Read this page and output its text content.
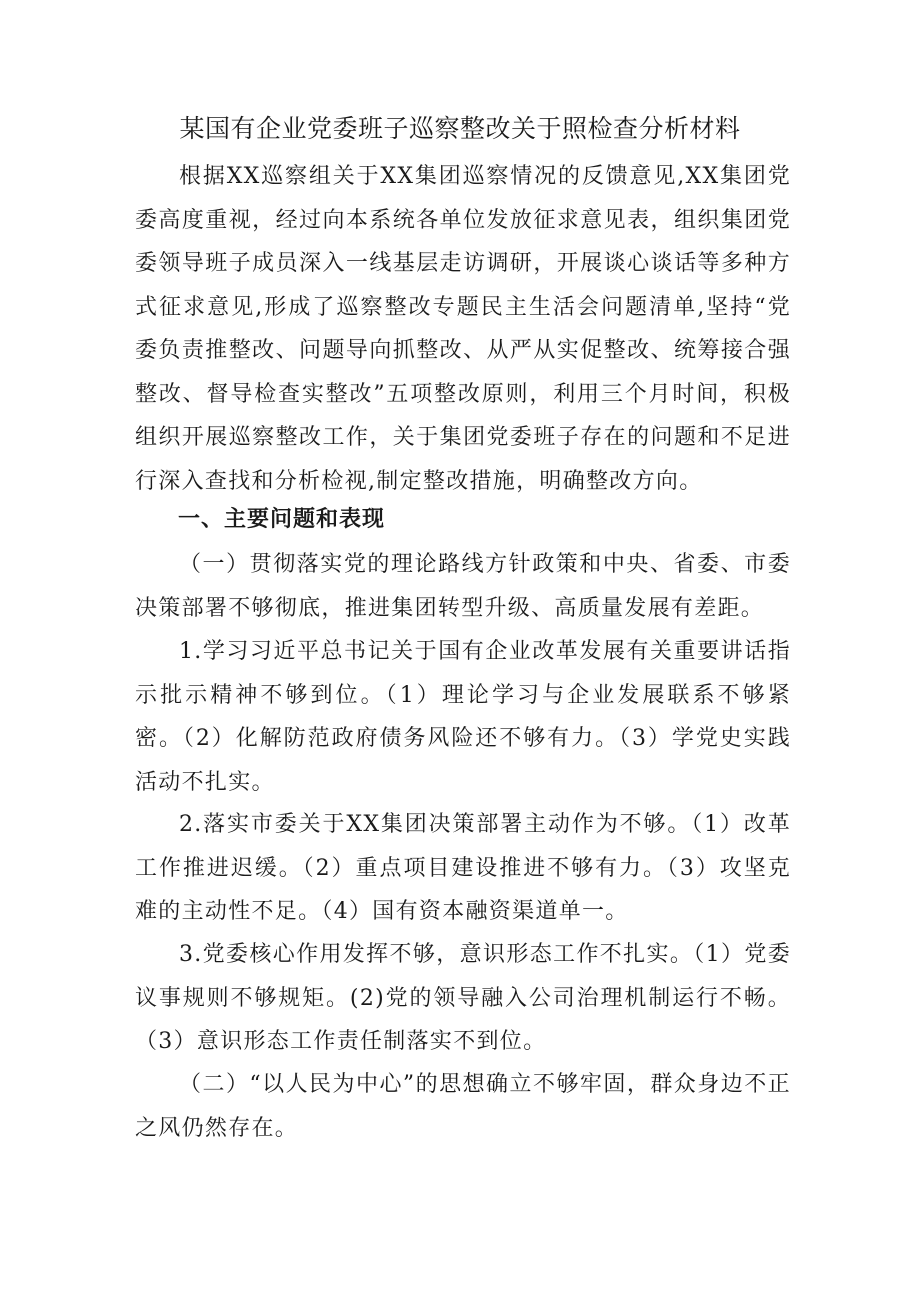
某国有企业党委班子巡察整改关于照检查分析材料

根据XX巡察组关于XX集团巡察情况的反馈意见,XX集团党委高度重视，经过向本系统各单位发放征求意见表，组织集团党委领导班子成员深入一线基层走访调研，开展谈心谈话等多种方式征求意见,形成了巡察整改专题民主生活会问题清单,坚持“党委负责推整改、问题导向抓整改、从严从实促整改、统筹接合强整改、督导检查实整改”五项整改原则，利用三个月时间，积极组织开展巡察整改工作，关于集团党委班子存在的问题和不足进行深入查找和分析检视,制定整改措施，明确整改方向。

一、主要问题和表现

（一）贯彻落实党的理论路线方针政策和中央、省委、市委决策部署不够彻底，推进集团转型升级、高质量发展有差距。

1.学习习近平总书记关于国有企业改革发展有关重要讲话指示批示精神不够到位。（1）理论学习与企业发展联系不够紧密。（2）化解防范政府债务风险还不够有力。（3）学党史实践活动不扎实。

2.落实市委关于XX集团决策部署主动作为不够。（1）改革工作推进迟缓。（2）重点项目建设推进不够有力。（3）攻坚克难的主动性不足。（4）国有资本融资渠道单一。

3.党委核心作用发挥不够，意识形态工作不扎实。（1）党委议事规则不够规矩。(2)党的领导融入公司治理机制运行不畅。（3）意识形态工作责任制落实不到位。

（二）“以人民为中心”的思想确立不够牢固，群众身边不正之风仍然存在。
